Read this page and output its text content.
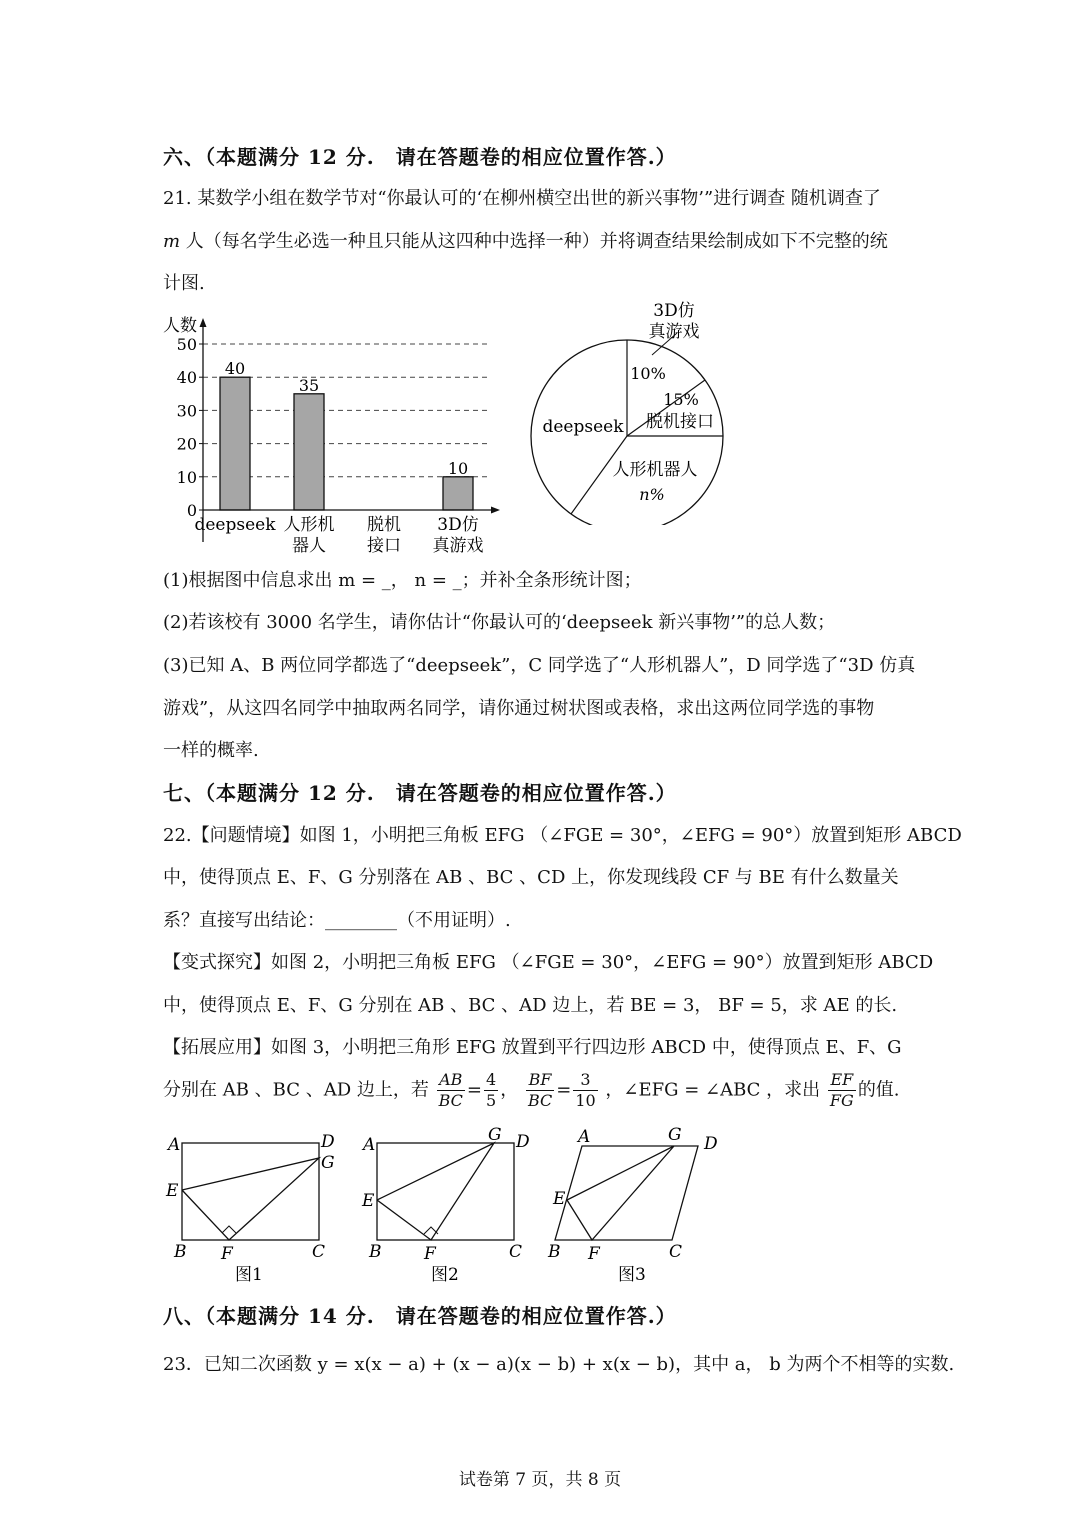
六、（本题满分 12 分.　请在答题卷的相应位置作答.）
21. 某数学小组在数学节对“你最认可的‘在柳州横空出世的新兴事物’”进行调查 随机调查了
m 人（每名学生必选一种且只能从这四种中选择一种）并将调查结果绘制成如下不完整的统
计图.
0
10
20
30
40
50
40
35
10
deepseek 人形机
器人
脱机
接口
3D仿
真游戏
人数
3D仿
真游戏
10%
15%
脱机接口
人形机器人
n%
deepseek
(1)根据图中信息求出 m = _， n = _；并补全条形统计图；
(2)若该校有 3000 名学生，请你估计“你最认可的‘deepseek 新兴事物’”的总人数；
(3)已知 A、B 两位同学都选了“deepseek”，C 同学选了“人形机器人”，D 同学选了“3D 仿真
游戏”，从这四名同学中抽取两名同学，请你通过树状图或表格，求出这两位同学选的事物
一样的概率.
七、（本题满分 12 分.　请在答题卷的相应位置作答.）
22.【问题情境】如图 1，小明把三角板 EFG （∠FGE = 30°，∠EFG = 90°）放置到矩形 ABCD
中，使得顶点 E、F、G 分别落在 AB 、BC 、CD 上，你发现线段 CF 与 BE 有什么数量关
系？直接写出结论：________（不用证明）.
【变式探究】如图 2，小明把三角板 EFG （∠FGE = 30°，∠EFG = 90°）放置到矩形 ABCD
中，使得顶点 E、F、G 分别在 AB 、BC 、AD 边上，若 BE = 3， BF = 5，求 AE 的长.
【拓展应用】如图 3，小明把三角形 EFG 放置到平行四边形 ABCD 中，使得顶点 E、F、G
分别在 AB 、BC 、AD 边上，若 $\frac{AB}{BC} = \frac{4}{5}$ ， $\frac{BF}{BC} = \frac{3}{10}$ ，∠EFG = ∠ABC ，求出 $\frac{EF}{FG}$ 的值.
A	D
G
E
B F	C
图1
A	G D
E
B	F	C
图2
A	G D
E
B F	C
图3
八、（本题满分 14 分.　请在答题卷的相应位置作答.）
23．已知二次函数 y = x(x − a) + (x − a)(x − b) + x(x − b)，其中 a， b 为两个不相等的实数.
试卷第 7 页，共 8 页
